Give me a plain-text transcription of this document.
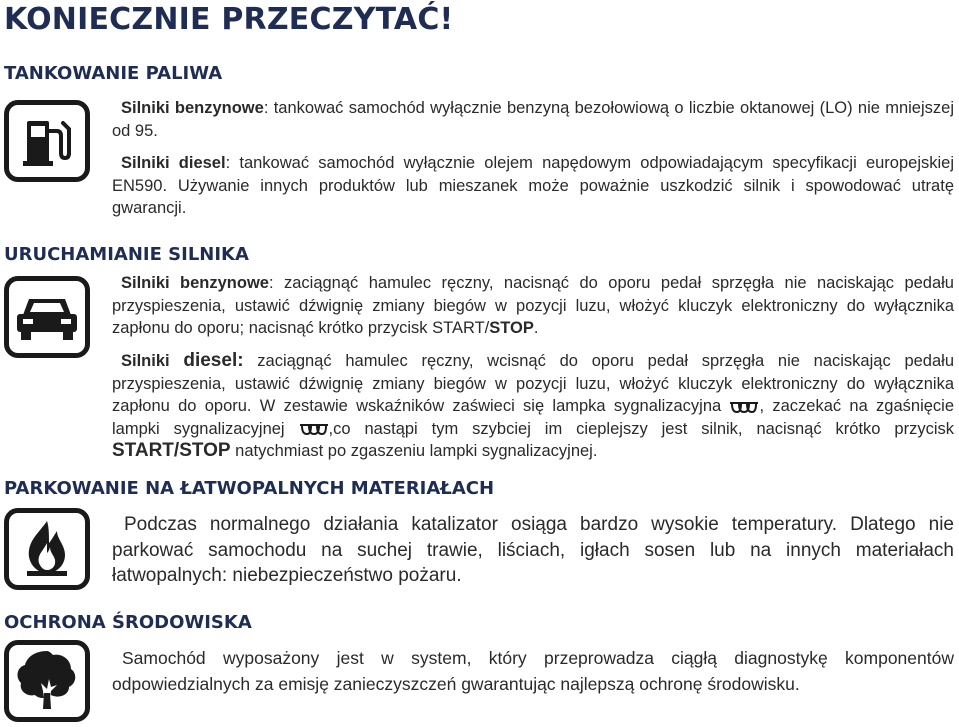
KONIECZNIE PRZECZYTAĆ!
TANKOWANIE PALIWA

Silniki benzynowe: tankować samochód wyłącznie benzyną bezołowiową o liczbie oktanowej (LO) nie mniejszej od 95.

Silniki diesel: tankować samochód wyłącznie olejem napędowym odpowiadającym specyfikacji europejskiej EN590. Używanie innych produktów lub mieszanek może poważnie uszkodzić silnik i spowodować utratę gwarancji.

URUCHAMIANIE SILNIKA

Silniki benzynowe: zaciągnąć hamulec ręczny, nacisnąć do oporu pedał sprzęgła nie naciskając pedału przyspieszenia, ustawić dźwignię zmiany biegów w pozycji luzu, włożyć kluczyk elektroniczny do wyłącznika zapłonu do oporu; nacisnąć krótko przycisk START/STOP.

Silniki diesel: zaciągnąć hamulec ręczny, wcisnąć do oporu pedał sprzęgła nie naciskając pedału przyspieszenia, ustawić dźwignię zmiany biegów w pozycji luzu, włożyć kluczyk elektroniczny do wyłącznika zapłonu do oporu. W zestawie wskaźników zaświeci się lampka sygnalizacyjna , zaczekać na zgaśnięcie lampki sygnalizacyjnej ,co nastąpi tym szybciej im cieplejszy jest silnik, nacisnąć krótko przycisk START/STOP natychmiast po zgaszeniu lampki sygnalizacyjnej.

PARKOWANIE NA ŁATWOPALNYCH MATERIAŁACH

Podczas normalnego działania katalizator osiąga bardzo wysokie temperatury. Dlatego nie parkować samochodu na suchej trawie, liściach, igłach sosen lub na innych materiałach łatwopalnych: niebezpieczeństwo pożaru.

OCHRONA ŚRODOWISKA

Samochód wyposażony jest w system, który przeprowadza ciągłą diagnostykę komponentów odpowiedzialnych za emisję zanieczyszczeń gwarantując najlepszą ochronę środowisku.
